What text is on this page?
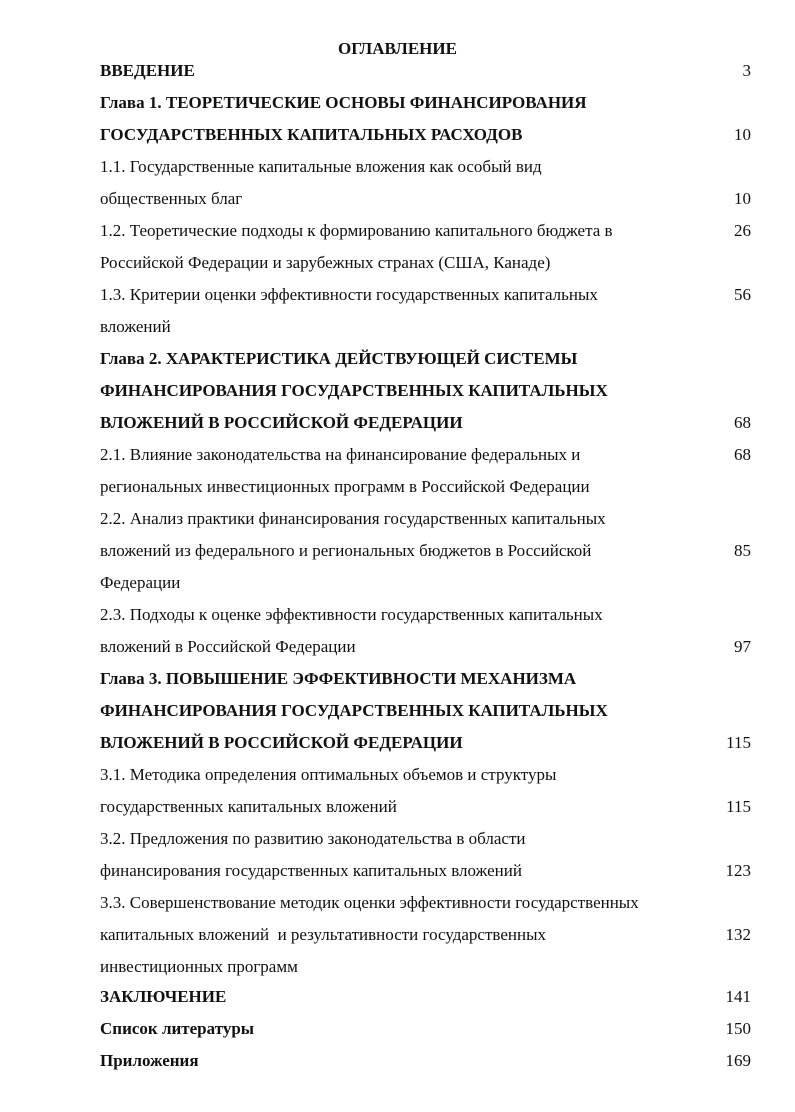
ОГЛАВЛЕНИЕ
ВВЕДЕНИЕ	3
Глава 1. ТЕОРЕТИЧЕСКИЕ ОСНОВЫ ФИНАНСИРОВАНИЯ
ГОСУДАРСТВЕННЫХ КАПИТАЛЬНЫХ РАСХОДОВ	10
1.1. Государственные капитальные вложения как особый вид
общественных благ	10
1.2. Теоретические подходы к формированию капитального бюджета в	26
Российской Федерации и зарубежных странах (США, Канаде)
1.3. Критерии оценки эффективности государственных капитальных	56
вложений
Глава 2. ХАРАКТЕРИСТИКА ДЕЙСТВУЮЩЕЙ СИСТЕМЫ
ФИНАНСИРОВАНИЯ ГОСУДАРСТВЕННЫХ КАПИТАЛЬНЫХ
ВЛОЖЕНИЙ В РОССИЙСКОЙ ФЕДЕРАЦИИ	68
2.1. Влияние законодательства на финансирование федеральных и	68
региональных инвестиционных программ в Российской Федерации
2.2. Анализ практики финансирования государственных капитальных
вложений из федерального и региональных бюджетов в Российской	85
Федерации
2.3. Подходы к оценке эффективности государственных капитальных
вложений в Российской Федерации	97
Глава 3. ПОВЫШЕНИЕ ЭФФЕКТИВНОСТИ МЕХАНИЗМА
ФИНАНСИРОВАНИЯ ГОСУДАРСТВЕННЫХ КАПИТАЛЬНЫХ
ВЛОЖЕНИЙ В РОССИЙСКОЙ ФЕДЕРАЦИИ	115
3.1. Методика определения оптимальных объемов и структуры
государственных капитальных вложений	115
3.2. Предложения по развитию законодательства в области
финансирования государственных капитальных вложений	123
3.3. Совершенствование методик оценки эффективности государственных
капитальных вложений  и результативности государственных	132
инвестиционных программ
ЗАКЛЮЧЕНИЕ	141
Список литературы	150
Приложения	169
